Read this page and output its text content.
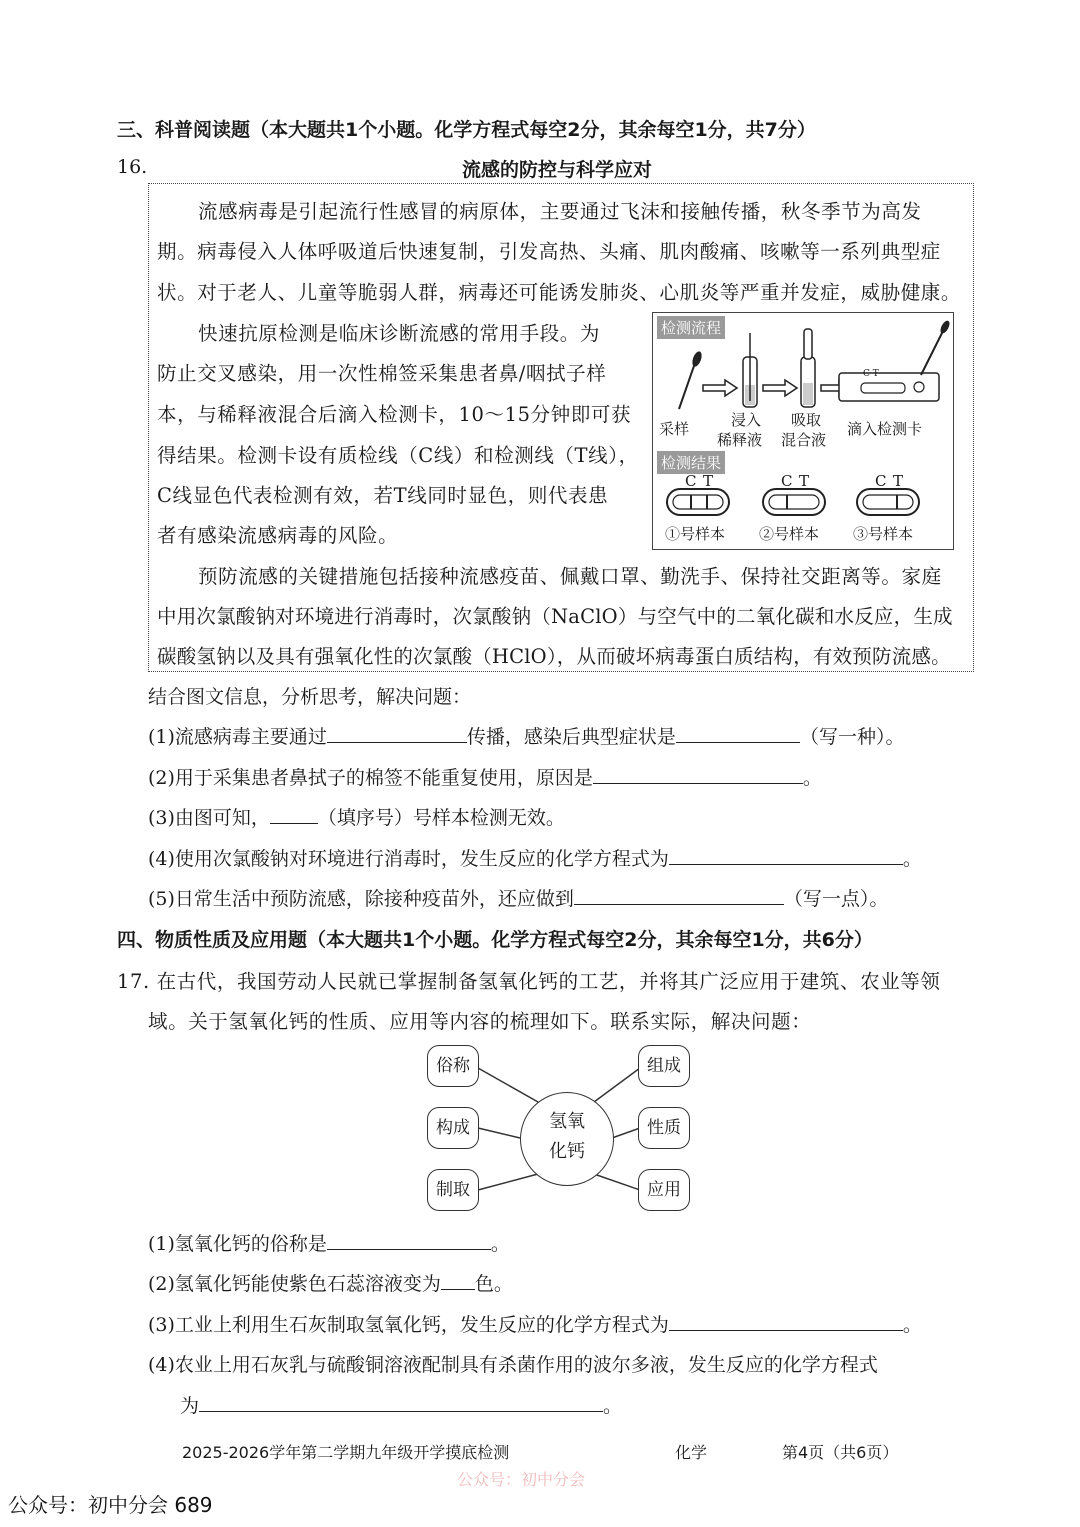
三、科普阅读题（本大题共1个小题。化学方程式每空2分，其余每空1分，共7分）
16.	流感的防控与科学应对
流感病毒是引起流行性感冒的病原体，主要通过飞沫和接触传播，秋冬季节为高发
期。病毒侵入人体呼吸道后快速复制，引发高热、头痛、肌肉酸痛、咳嗽等一系列典型症
状。对于老人、儿童等脆弱人群，病毒还可能诱发肺炎、心肌炎等严重并发症，威胁健康。
快速抗原检测是临床诊断流感的常用手段。为
防止交叉感染，用一次性棉签采集患者鼻/咽拭子样
本，与稀释液混合后滴入检测卡，10～15分钟即可获
得结果。检测卡设有质检线（C线）和检测线（T线），
C线显色代表检测有效，若T线同时显色，则代表患
者有感染流感病毒的风险。
检测流程
C T
采样	浸入
稀释液
吸取
混合液
滴入检测卡
检测结果
C T	C T	C T
①号样本 ②号样本 ③号样本
预防流感的关键措施包括接种流感疫苗、佩戴口罩、勤洗手、保持社交距离等。家庭
中用次氯酸钠对环境进行消毒时，次氯酸钠（NaClO）与空气中的二氧化碳和水反应，生成
碳酸氢钠以及具有强氧化性的次氯酸（HClO），从而破坏病毒蛋白质结构，有效预防流感。
结合图文信息，分析思考，解决问题：
(1)流感病毒主要通过	传播，感染后典型症状是	（写一种）。
(2)用于采集患者鼻拭子的棉签不能重复使用，原因是	。
(3)由图可知，	（填序号）号样本检测无效。
(4)使用次氯酸钠对环境进行消毒时，发生反应的化学方程式为	。
(5)日常生活中预防流感，除接种疫苗外，还应做到	（写一点）。
四、物质性质及应用题（本大题共1个小题。化学方程式每空2分，其余每空1分，共6分）
17. 在古代，我国劳动人民就已掌握制备氢氧化钙的工艺，并将其广泛应用于建筑、农业等领
域。关于氢氧化钙的性质、应用等内容的梳理如下。联系实际，解决问题：
俗称
构成
制取
组成
性质
应用
氢氧
化钙
(1)氢氧化钙的俗称是	。
(2)氢氧化钙能使紫色石蕊溶液变为 色。
(3)工业上利用生石灰制取氢氧化钙，发生反应的化学方程式为	。
(4)农业上用石灰乳与硫酸铜溶液配制具有杀菌作用的波尔多液，发生反应的化学方程式
为	。
2025-2026学年第二学期九年级开学摸底检测	化学	第4页（共6页）
公众号：初中分会
公众号：初中分会 689
